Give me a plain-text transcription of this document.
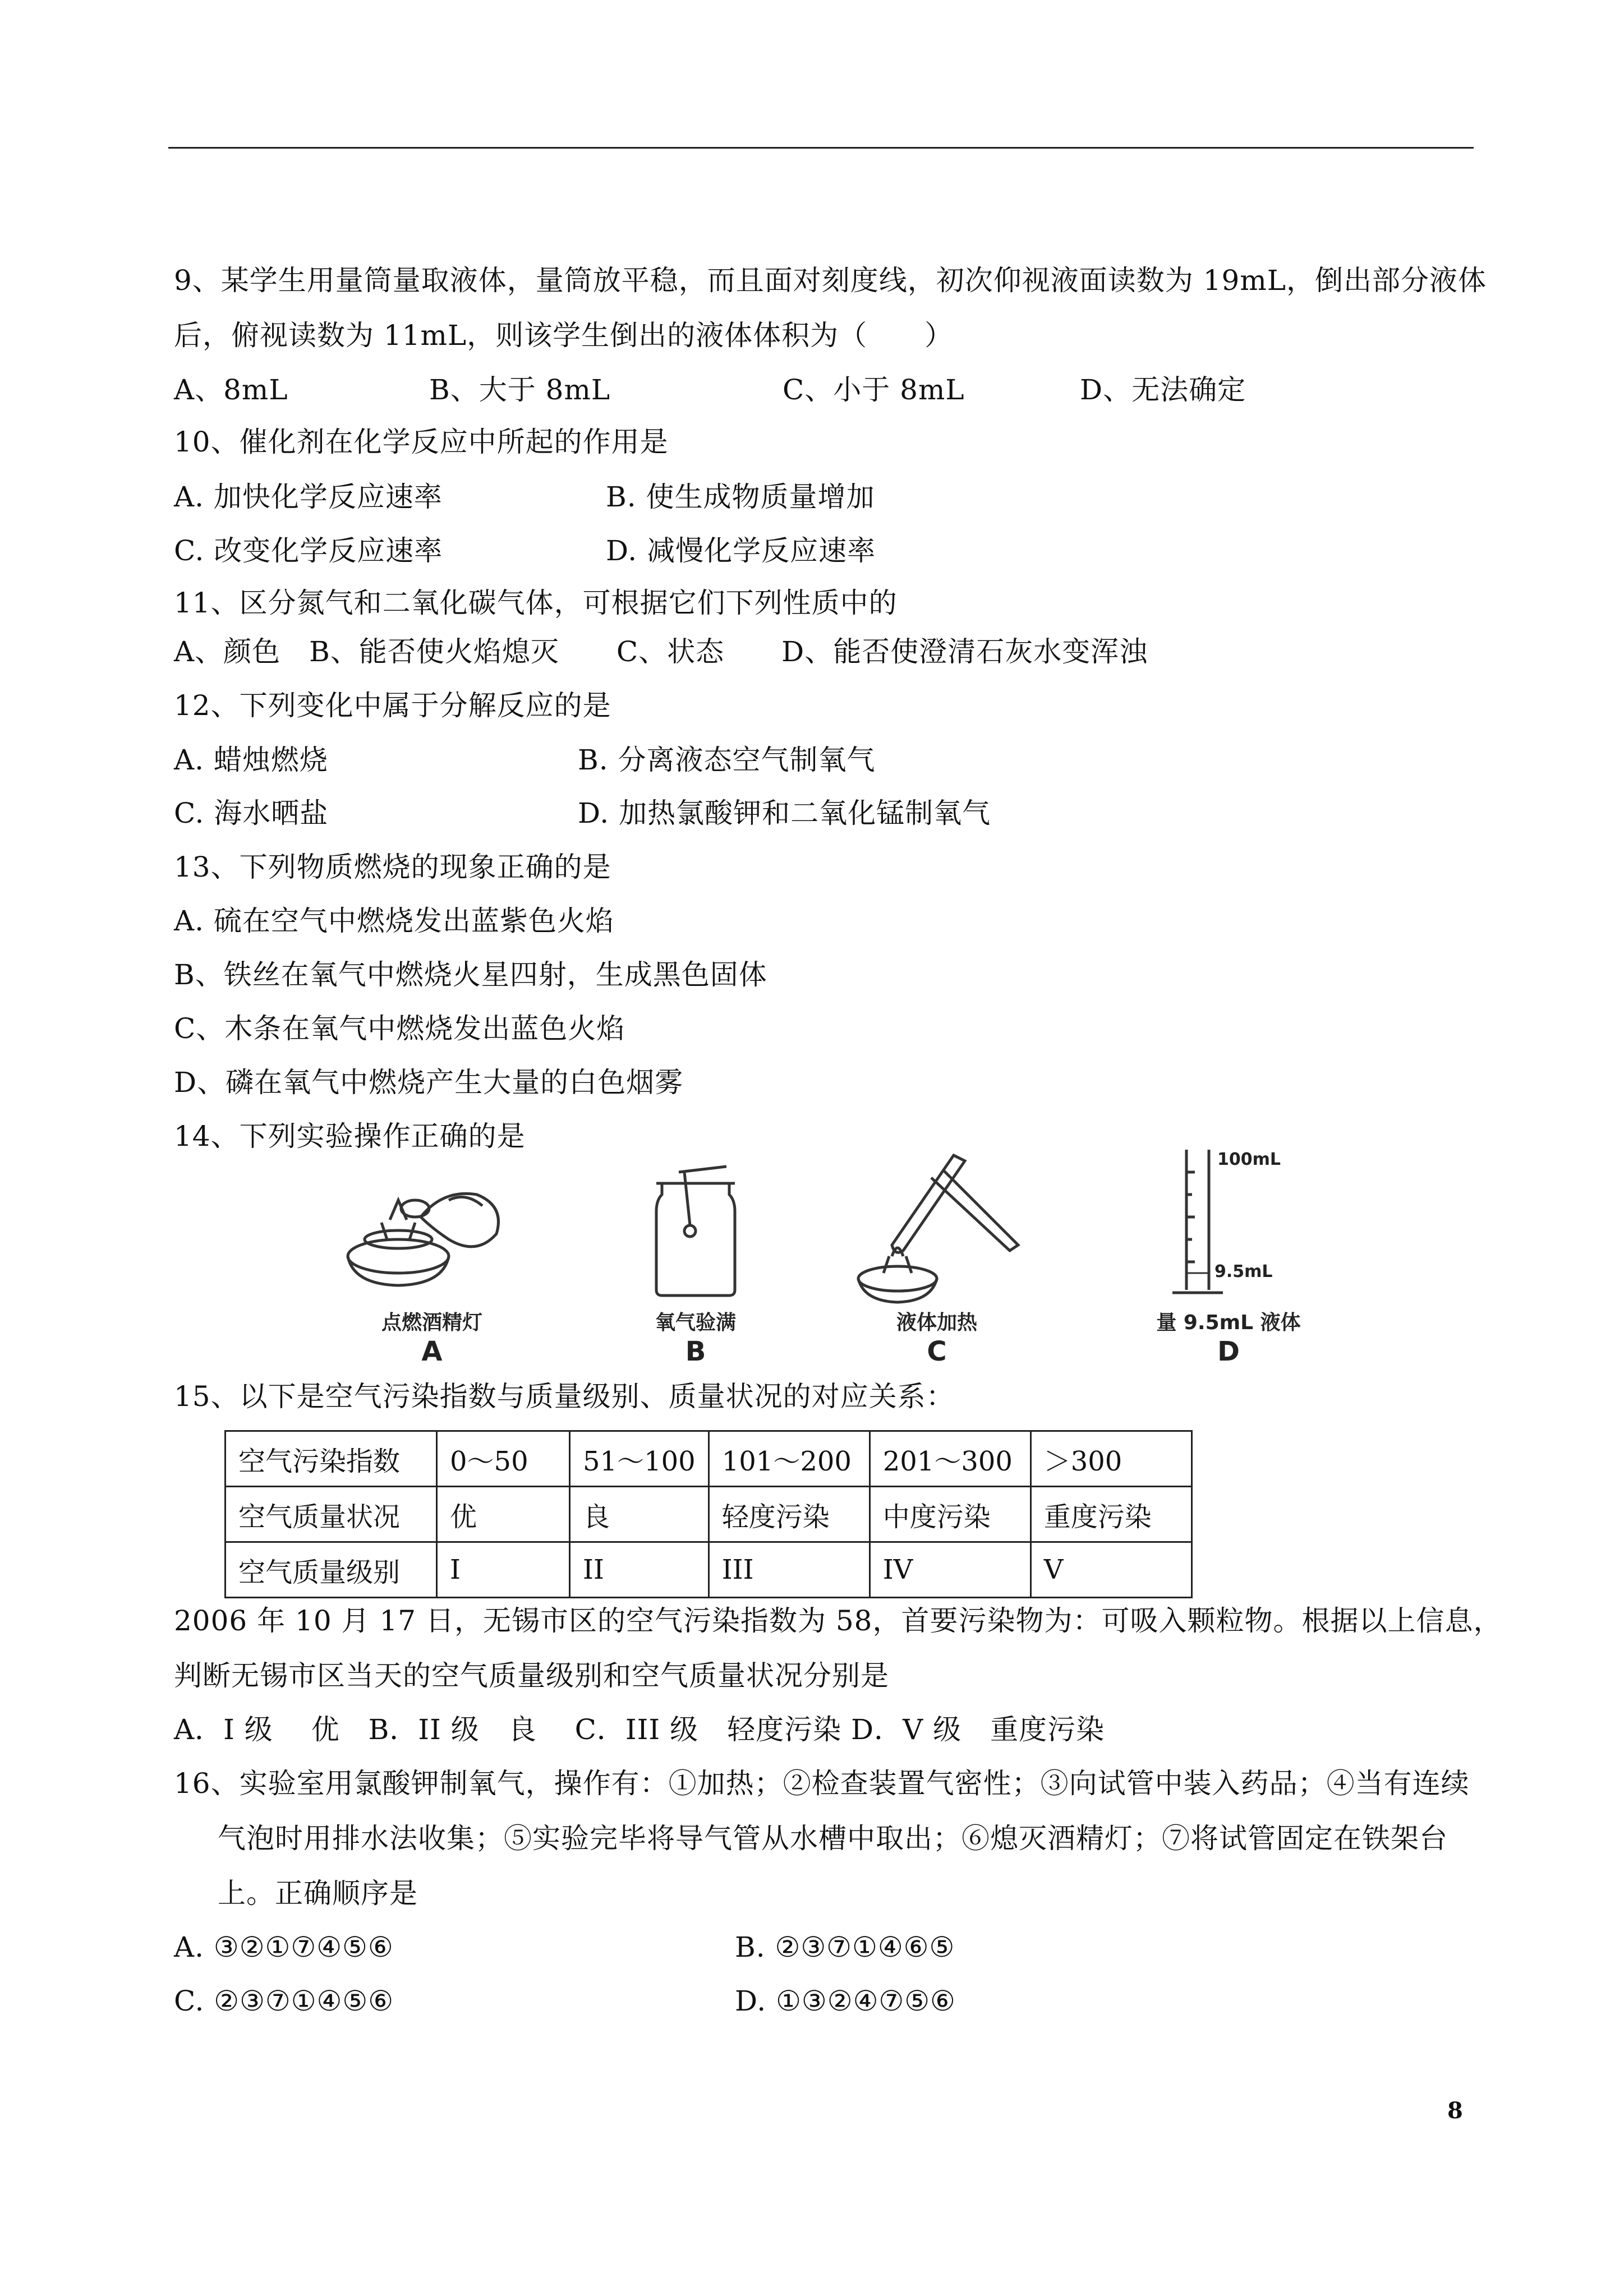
9、某学生用量筒量取液体，量筒放平稳，而且面对刻度线，初次仰视液面读数为 19mL，倒出部分液体
后，俯视读数为 11mL，则该学生倒出的液体体积为（　　）

A、8mL

	B、大于 8mL

	C、小于 8mL

	D、无法确定

10、催化剂在化学反应中所起的作用是
A. 加快化学反应速率	B. 使生成物质量增加
C. 改变化学反应速率	D. 减慢化学反应速率
11、区分氮气和二氧化碳气体，可根据它们下列性质中的
A、颜色　B、能否使火焰熄灭　　C、状态　　D、能否使澄清石灰水变浑浊
12、下列变化中属于分解反应的是
A. 蜡烛燃烧	B. 分离液态空气制氧气
C. 海水晒盐	D. 加热氯酸钾和二氧化锰制氧气
13、下列物质燃烧的现象正确的是
A. 硫在空气中燃烧发出蓝紫色火焰
B、铁丝在氧气中燃烧火星四射，生成黑色固体
C、木条在氧气中燃烧发出蓝色火焰
D、磷在氧气中燃烧产生大量的白色烟雾
14、下列实验操作正确的是
点燃酒精灯
A
氧气验满
B
液体加热
C
100mL
9.5mL
量 9.5mL 液体
D
15、以下是空气污染指数与质量级别、质量状况的对应关系：
空气污染指数	0～50	51～100	101～200	201～300	＞300
空气质量状况	优	良	轻度污染	中度污染	重度污染
空气质量级别	I	II	III	IV	V
2006 年 10 月 17 日，无锡市区的空气污染指数为 58，首要污染物为：可吸入颗粒物。根据以上信息，
判断无锡市区当天的空气质量级别和空气质量状况分别是
A．I 级　 优　B．II 级　良　 C．III 级　轻度污染 D．V 级　重度污染
16、实验室用氯酸钾制氧气，操作有：①加热；②检查装置气密性；③向试管中装入药品；④当有连续
气泡时用排水法收集；⑤实验完毕将导气管从水槽中取出；⑥熄灭酒精灯；⑦将试管固定在铁架台
上。正确顺序是
A. ③②①⑦④⑤⑥	B. ②③⑦①④⑥⑤
C. ②③⑦①④⑤⑥	D. ①③②④⑦⑤⑥
8
